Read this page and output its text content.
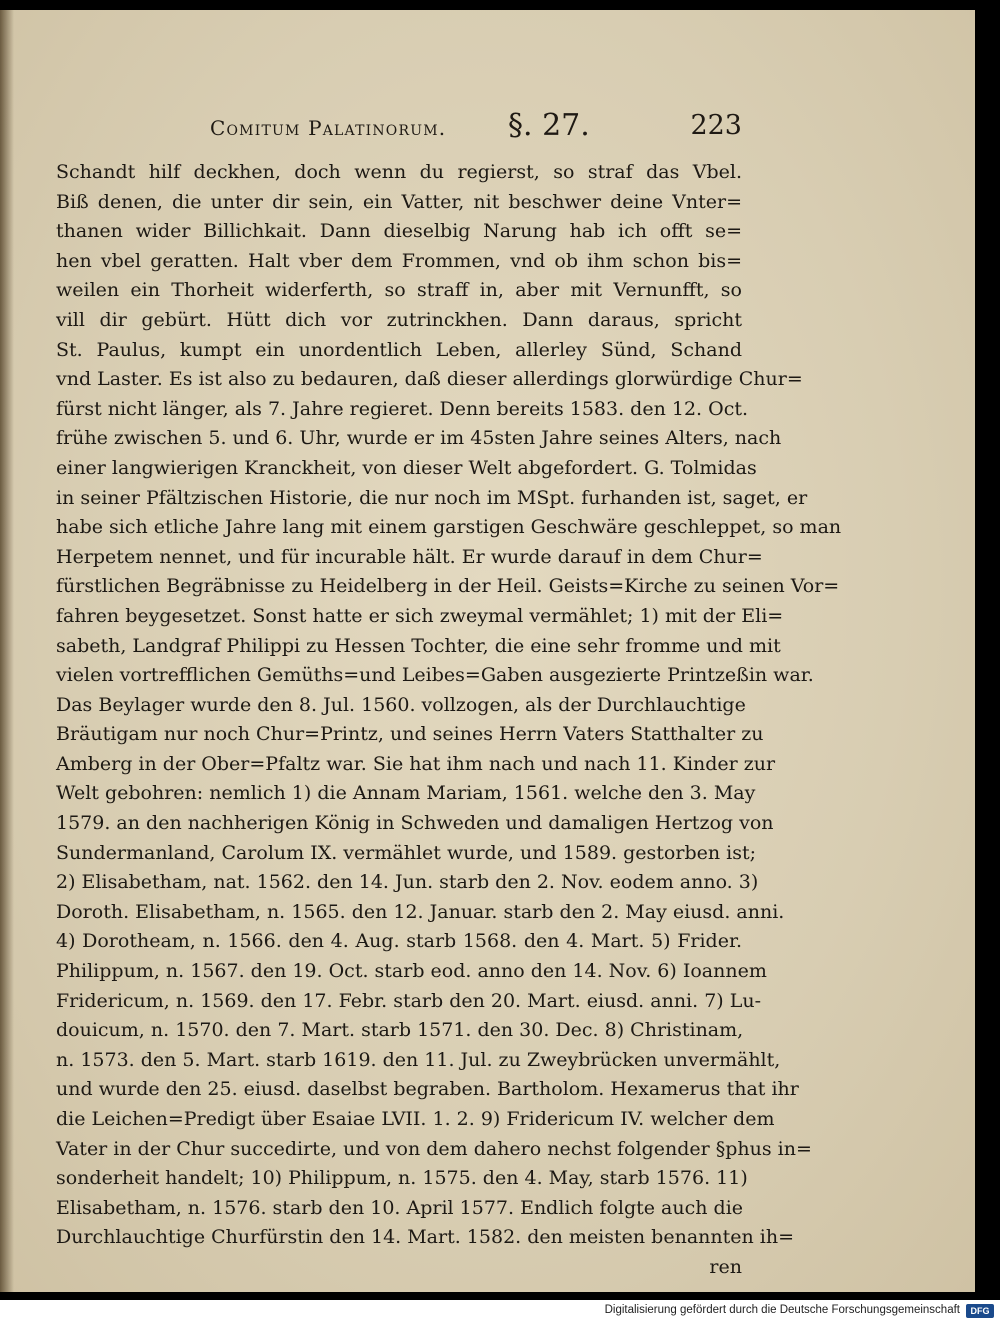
Comitum Palatinorum. §. 27.	223
Schandt hilf deckhen, doch wenn du regierst, so straf das Vbel.
Biß denen, die unter dir sein, ein Vatter, nit beschwer deine Vnter=
thanen wider Billichkait. Dann dieselbig Narung hab ich offt se=
hen vbel geratten. Halt vber dem Frommen, vnd ob ihm schon bis=
weilen ein Thorheit widerferth, so straff in, aber mit Vernunfft, so
vill dir gebürt. Hütt dich vor zutrinckhen. Dann daraus, spricht
St. Paulus, kumpt ein unordentlich Leben, allerley Sünd, Schand
vnd Laster. Es ist also zu bedauren, daß dieser allerdings glorwürdige Chur=
fürst nicht länger, als 7. Jahre regieret. Denn bereits 1583. den 12. Oct.
frühe zwischen 5. und 6. Uhr, wurde er im 45sten Jahre seines Alters, nach
einer langwierigen Kranckheit, von dieser Welt abgefordert. G. Tolmidas
in seiner Pfältzischen Historie, die nur noch im MSpt. furhanden ist, saget, er
habe sich etliche Jahre lang mit einem garstigen Geschwäre geschleppet, so man
Herpetem nennet, und für incurable hält. Er wurde darauf in dem Chur=
fürstlichen Begräbnisse zu Heidelberg in der Heil. Geists=Kirche zu seinen Vor=
fahren beygesetzet. Sonst hatte er sich zweymal vermählet; 1) mit der Eli=
sabeth, Landgraf Philippi zu Hessen Tochter, die eine sehr fromme und mit
vielen vortrefflichen Gemüths=und Leibes=Gaben ausgezierte Printzeßin war.
Das Beylager wurde den 8. Jul. 1560. vollzogen, als der Durchlauchtige
Bräutigam nur noch Chur=Printz, und seines Herrn Vaters Statthalter zu
Amberg in der Ober=Pfaltz war. Sie hat ihm nach und nach 11. Kinder zur
Welt gebohren: nemlich 1) die Annam Mariam, 1561. welche den 3. May
1579. an den nachherigen König in Schweden und damaligen Hertzog von
Sundermanland, Carolum IX. vermählet wurde, und 1589. gestorben ist;
2) Elisabetham, nat. 1562. den 14. Jun. starb den 2. Nov. eodem anno. 3)
Doroth. Elisabetham, n. 1565. den 12. Januar. starb den 2. May eiusd. anni.
4) Dorotheam, n. 1566. den 4. Aug. starb 1568. den 4. Mart. 5) Frider.
Philippum, n. 1567. den 19. Oct. starb eod. anno den 14. Nov. 6) Ioannem
Fridericum, n. 1569. den 17. Febr. starb den 20. Mart. eiusd. anni. 7) Lu-
douicum, n. 1570. den 7. Mart. starb 1571. den 30. Dec. 8) Christinam,
n. 1573. den 5. Mart. starb 1619. den 11. Jul. zu Zweybrücken unvermählt,
und wurde den 25. eiusd. daselbst begraben. Bartholom. Hexamerus that ihr
die Leichen=Predigt über Esaiae LVII. 1. 2. 9) Fridericum IV. welcher dem
Vater in der Chur succedirte, und von dem dahero nechst folgender §phus in=
sonderheit handelt; 10) Philippum, n. 1575. den 4. May, starb 1576. 11)
Elisabetham, n. 1576. starb den 10. April 1577. Endlich folgte auch die
Durchlauchtige Churfürstin den 14. Mart. 1582. den meisten benannten ih=
ren
Digitalisierung gefördert durch die Deutsche Forschungsgemeinschaft	DFG
